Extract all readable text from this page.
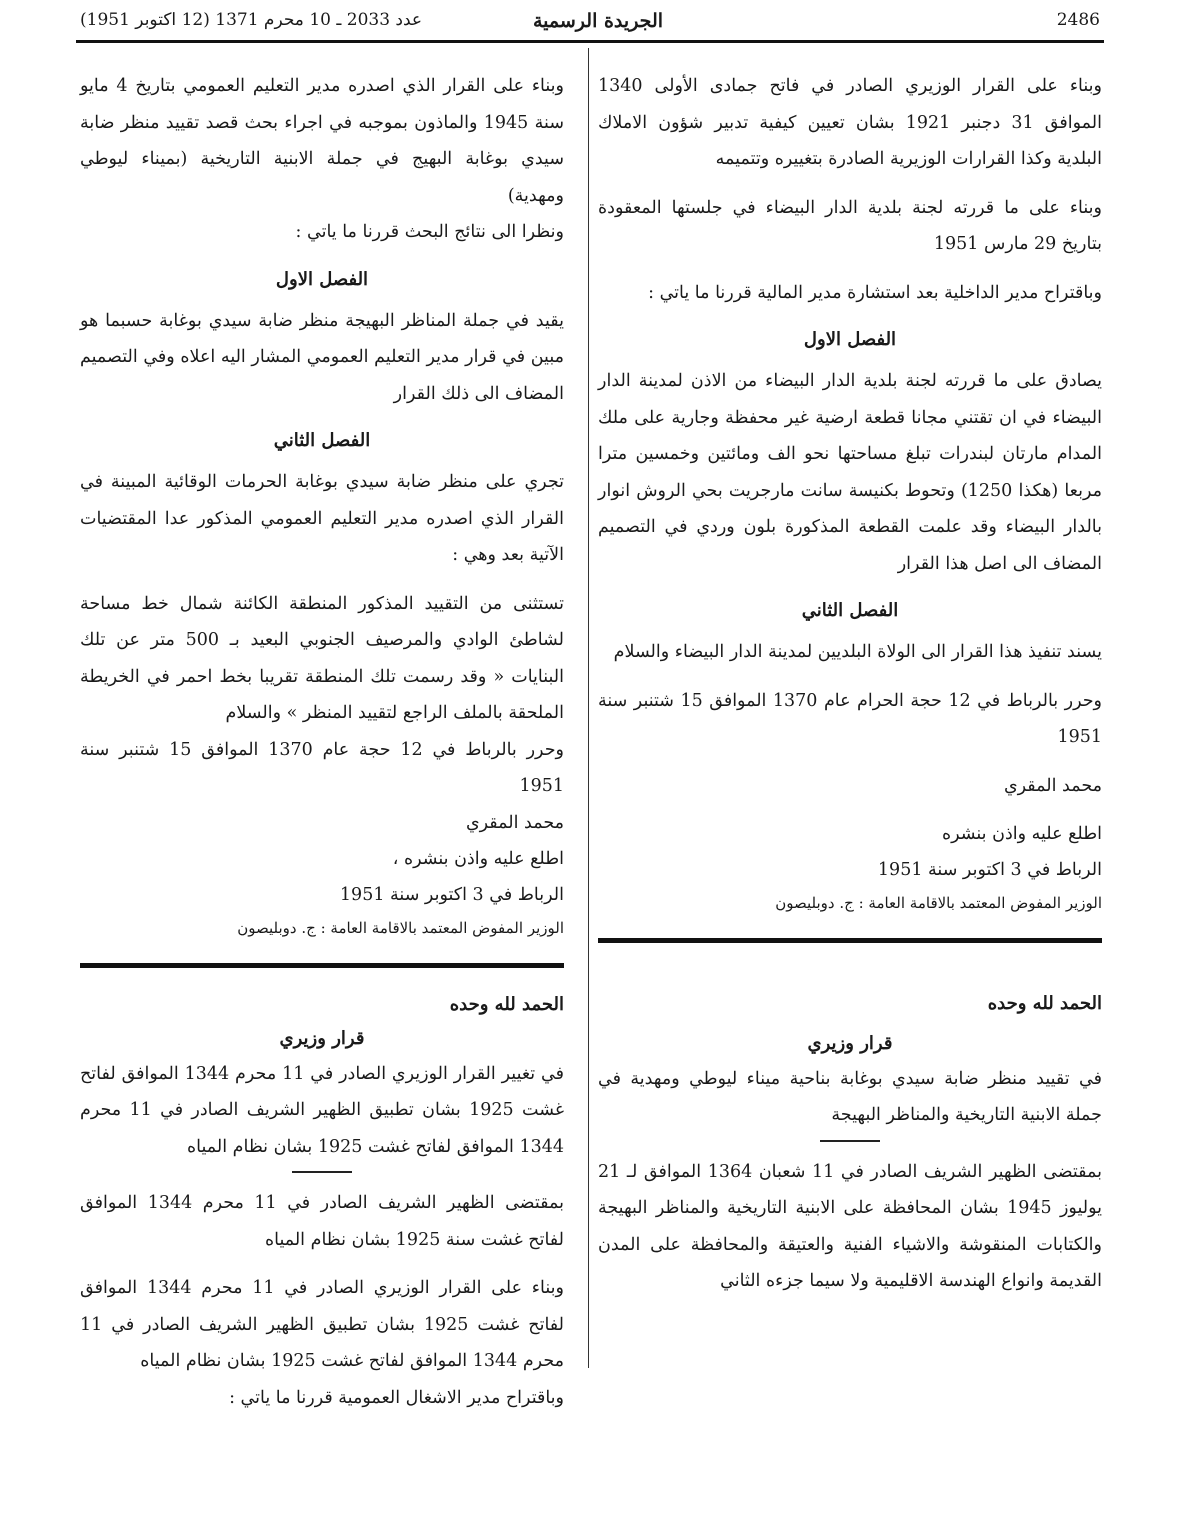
عدد 2033 ـ 10 محرم 1371 (12 اكتوبر 1951)	الجريدة الرسمية	2486

وبناء على القرار الوزيري الصادر في فاتح جمادى الأولى 1340 الموافق 31 دجنبر 1921 بشان تعيين كيفية تدبير شؤون الاملاك البلدية وكذا القرارات الوزيرية الصادرة بتغييره وتتميمه

وبناء على ما قررته لجنة بلدية الدار البيضاء في جلستها المعقودة بتاريخ 29 مارس 1951

وباقتراح مدير الداخلية بعد استشارة مدير المالية قررنا ما ياتي :

الفصل الاول

يصادق على ما قررته لجنة بلدية الدار البيضاء من الاذن لمدينة الدار البيضاء في ان تقتني مجانا قطعة ارضية غير محفظة وجارية على ملك المدام مارتان لبندرات تبلغ مساحتها نحو الف ومائتين وخمسين مترا مربعا (هكذا 1250) وتحوط بكنيسة سانت مارجريت بحي الروش انوار بالدار البيضاء وقد علمت القطعة المذكورة بلون وردي في التصميم المضاف الى اصل هذا القرار

الفصل الثاني

يسند تنفيذ هذا القرار الى الولاة البلديين لمدينة الدار البيضاء والسلام

وحرر بالرباط في 12 حجة الحرام عام 1370 الموافق 15 شتنبر سنة 1951

محمد المقري

اطلع عليه واذن بنشره

الرباط في 3 اكتوبر سنة 1951

الوزير المفوض المعتمد بالاقامة العامة : ج. دوبليصون

الحمد لله وحده

قرار وزيري

في تقييد منظر ضابة سيدي بوغابة بناحية ميناء ليوطي ومهدية في جملة الابنية التاريخية والمناظر البهيجة

بمقتضى الظهير الشريف الصادر في 11 شعبان 1364 الموافق لـ 21 يوليوز 1945 بشان المحافظة على الابنية التاريخية والمناظر البهيجة والكتابات المنقوشة والاشياء الفنية والعتيقة والمحافظة على المدن القديمة وانواع الهندسة الاقليمية ولا سيما جزءه الثاني

وبناء على القرار الذي اصدره مدير التعليم العمومي بتاريخ 4 مايو سنة 1945 والماذون بموجبه في اجراء بحث قصد تقييد منظر ضابة سيدي بوغابة البهيج في جملة الابنية التاريخية (بميناء ليوطي ومهدية)

ونظرا الى نتائج البحث قررنا ما ياتي :

الفصل الاول

يقيد في جملة المناظر البهيجة منظر ضابة سيدي بوغابة حسبما هو مبين في قرار مدير التعليم العمومي المشار اليه اعلاه وفي التصميم المضاف الى ذلك القرار

الفصل الثاني

تجري على منظر ضابة سيدي بوغابة الحرمات الوقائية المبينة في القرار الذي اصدره مدير التعليم العمومي المذكور عدا المقتضيات الآتية بعد وهي :

تستثنى من التقييد المذكور المنطقة الكائنة شمال خط مساحة لشاطئ الوادي والمرصيف الجنوبي البعيد بـ 500 متر عن تلك البنايات « وقد رسمت تلك المنطقة تقريبا بخط احمر في الخريطة الملحقة بالملف الراجع لتقييد المنظر » والسلام

وحرر بالرباط في 12 حجة عام 1370 الموافق 15 شتنبر سنة 1951

محمد المقري

اطلع عليه واذن بنشره ،

الرباط في 3 اكتوبر سنة 1951

الوزير المفوض المعتمد بالاقامة العامة : ج. دوبليصون

الحمد لله وحده

قرار وزيري

في تغيير القرار الوزيري الصادر في 11 محرم 1344 الموافق لفاتح غشت 1925 بشان تطبيق الظهير الشريف الصادر في 11 محرم 1344 الموافق لفاتح غشت 1925 بشان نظام المياه

بمقتضى الظهير الشريف الصادر في 11 محرم 1344 الموافق لفاتح غشت سنة 1925 بشان نظام المياه

وبناء على القرار الوزيري الصادر في 11 محرم 1344 الموافق لفاتح غشت 1925 بشان تطبيق الظهير الشريف الصادر في 11 محرم 1344 الموافق لفاتح غشت 1925 بشان نظام المياه

وباقتراح مدير الاشغال العمومية قررنا ما ياتي :
